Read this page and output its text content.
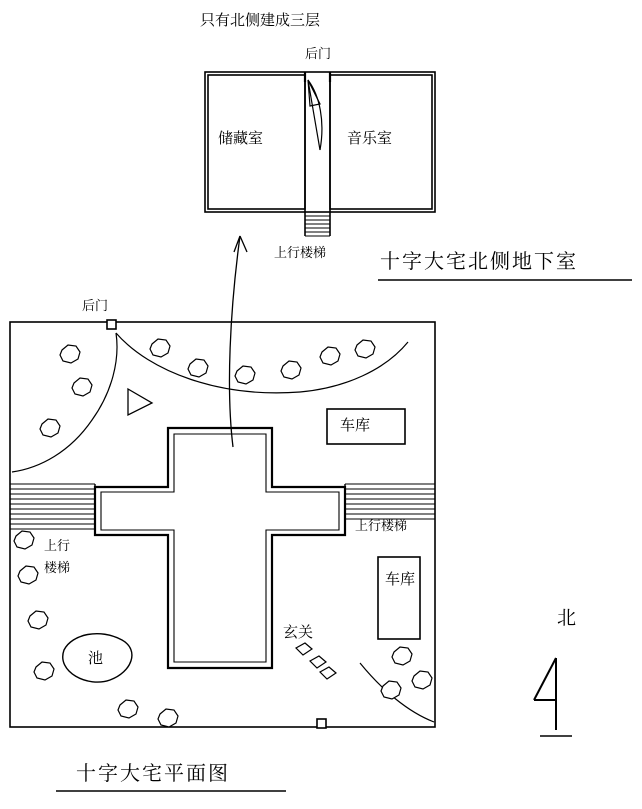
只有北侧建成三层
后门
储藏室	音乐室
上行楼梯	十字大宅北侧地下室
后门
车库
上行楼梯
上行
楼梯
车库
玄关
池
北
十字大宅平面图
